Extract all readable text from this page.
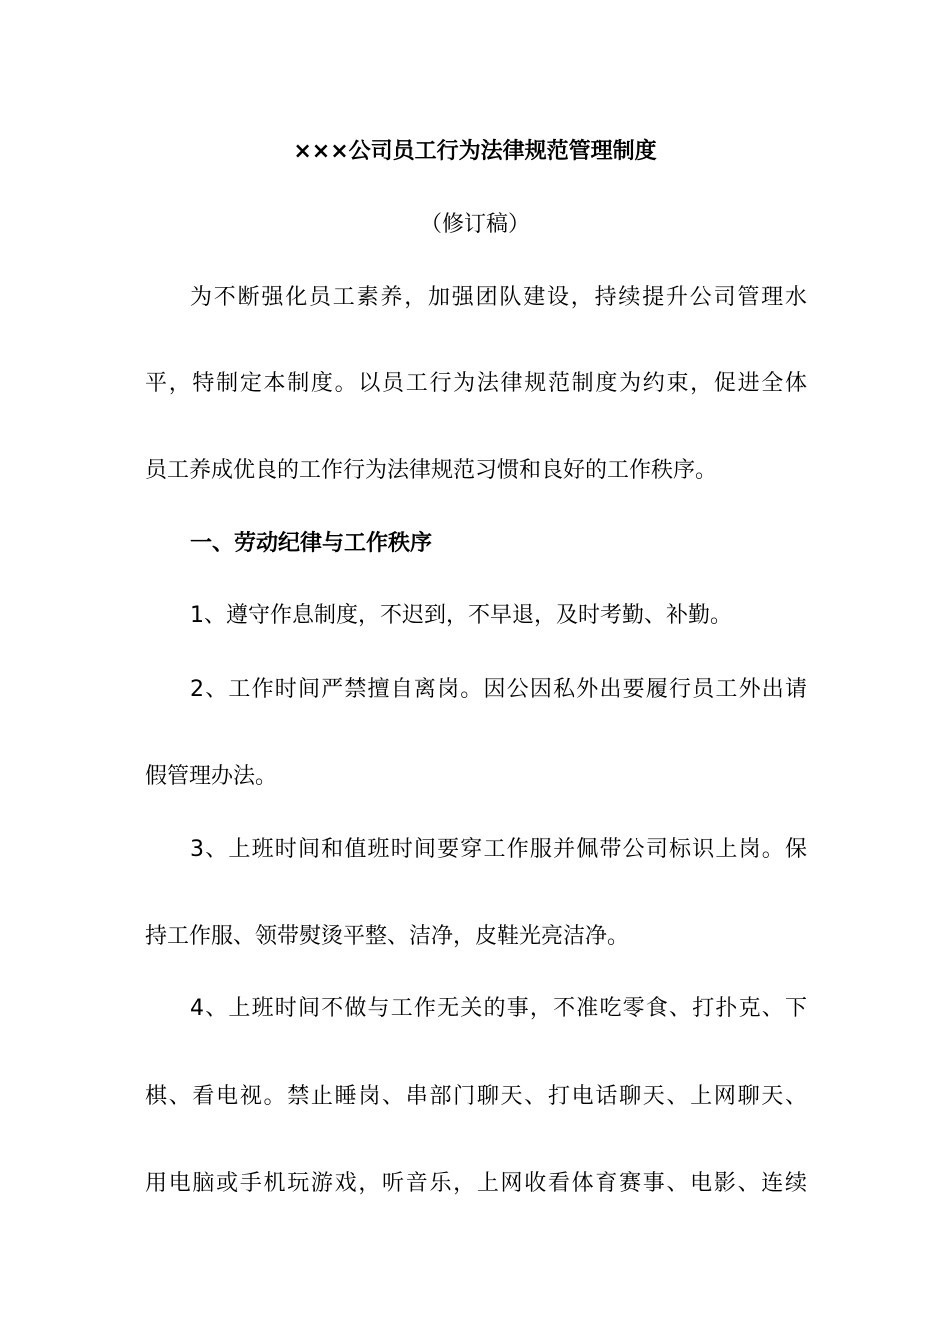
×××公司员工行为法律规范管理制度
（修订稿）
为不断强化员工素养，加强团队建设，持续提升公司管理水
平，特制定本制度。以员工行为法律规范制度为约束，促进全体
员工养成优良的工作行为法律规范习惯和良好的工作秩序。
一、劳动纪律与工作秩序
1、遵守作息制度，不迟到，不早退，及时考勤、补勤。
2、工作时间严禁擅自离岗。因公因私外出要履行员工外出请
假管理办法。
3、上班时间和值班时间要穿工作服并佩带公司标识上岗。保
持工作服、领带熨烫平整、洁净，皮鞋光亮洁净。
4、上班时间不做与工作无关的事，不准吃零食、打扑克、下
棋、看电视。禁止睡岗、串部门聊天、打电话聊天、上网聊天、
用电脑或手机玩游戏，听音乐，上网收看体育赛事、电影、连续
